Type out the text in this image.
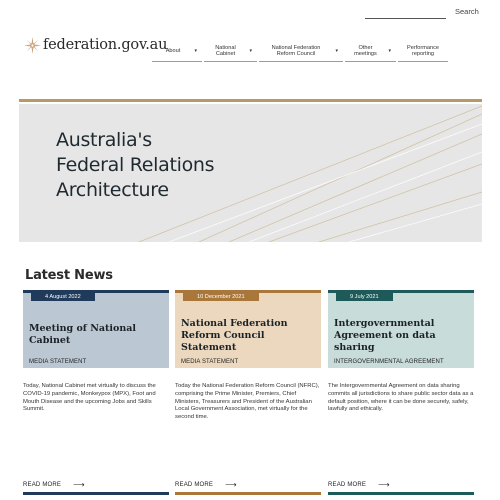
Search
federation.gov.au
About	▾	National Cabinet	▾	National Federation Reform Council	▾	Other meetings	▾	Performance reporting
Australia's
Federal Relations
Architecture
Latest News
4 August 2022
Meeting of National Cabinet
MEDIA STATEMENT
Today, National Cabinet met virtually to discuss the COVID-19 pandemic, Monkeypox (MPX), Foot and Mouth Disease and the upcoming Jobs and Skills Summit.
READ MORE ⟶
10 December 2021
National Federation Reform Council Statement
MEDIA STATEMENT
Today the National Federation Reform Council (NFRC), comprising the Prime Minister, Premiers, Chief Ministers, Treasurers and President of the Australian Local Government Association, met virtually for the second time.
READ MORE ⟶
9 July 2021
Intergovernmental Agreement on data sharing
INTERGOVERNMENTAL AGREEMENT
The Intergovernmental Agreement on data sharing commits all jurisdictions to share public sector data as a default position, where it can be done securely, safely, lawfully and ethically.
READ MORE ⟶
